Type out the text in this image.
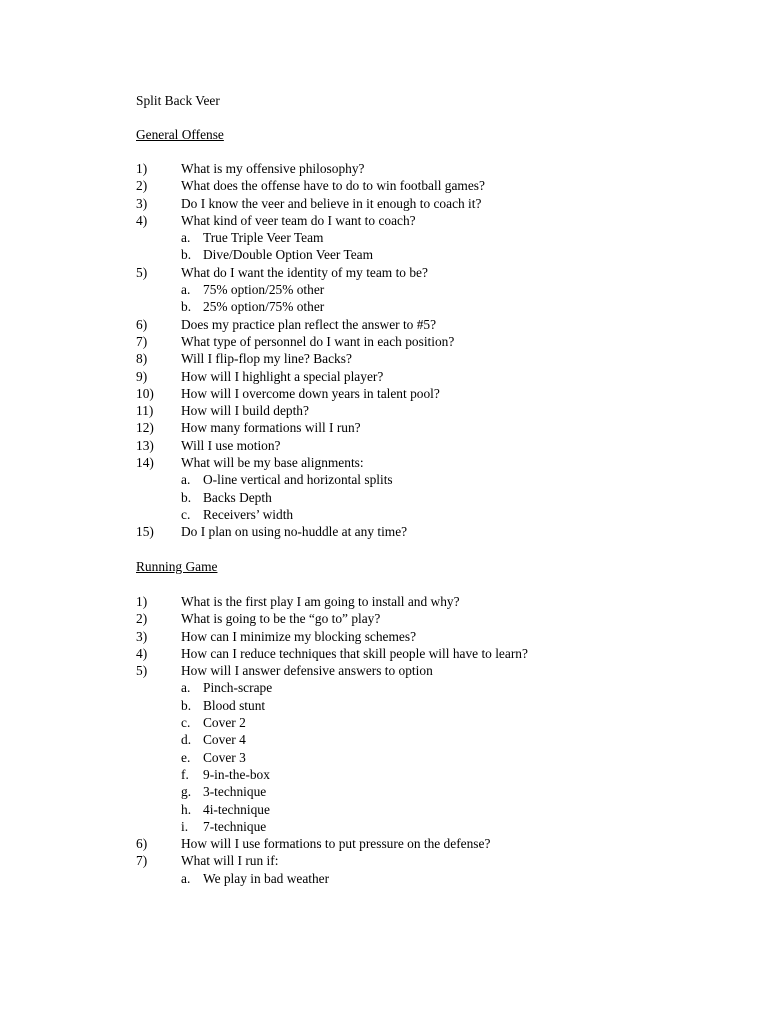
Split Back Veer
General Offense
1)	What is my offensive philosophy?
2)	What does the offense have to do to win football games?
3)	Do I know the veer and believe in it enough to coach it?
4)	What kind of veer team do I want to coach?
a. True Triple Veer Team
b. Dive/Double Option Veer Team
5)	What do I want the identity of my team to be?
a. 75% option/25% other
b. 25% option/75% other
6)	Does my practice plan reflect the answer to #5?
7)	What type of personnel do I want in each position?
8)	Will I flip-flop my line? Backs?
9)	How will I highlight a special player?
10) How will I overcome down years in talent pool?
11) How will I build depth?
12) How many formations will I run?
13) Will I use motion?
14) What will be my base alignments:
a. O-line vertical and horizontal splits
b. Backs Depth
c. Receivers’ width
15) Do I plan on using no-huddle at any time?
Running Game
1)	What is the first play I am going to install and why?
2)	What is going to be the “go to” play?
3)	How can I minimize my blocking schemes?
4)	How can I reduce techniques that skill people will have to learn?
5)	How will I answer defensive answers to option
a. Pinch-scrape
b. Blood stunt
c. Cover 2
d. Cover 4
e. Cover 3
f. 9-in-the-box
g. 3-technique
h. 4i-technique
i. 7-technique
6)	How will I use formations to put pressure on the defense?
7)	What will I run if:
a. We play in bad weather
